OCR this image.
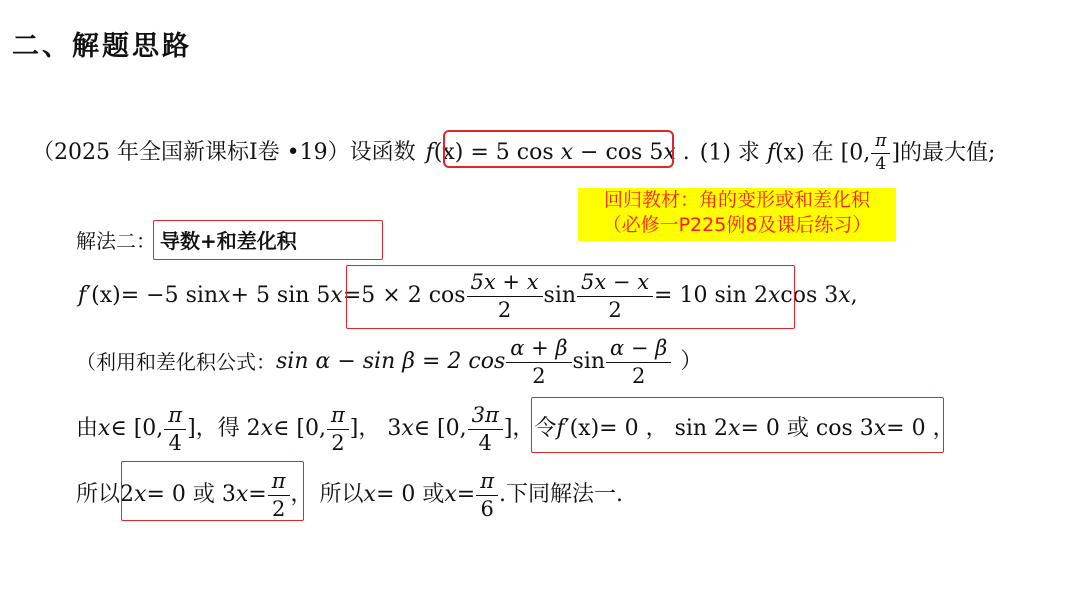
二、解题思路
（2025 年全国新课标Ⅰ卷 •19）设函数 f(x) = 5 cos x − cos 5x . (1) 求 f(x) 在 [0, $\frac{\pi}{4}$ ]的最大值;
回归教材：角的变形或和差化积
（必修一P225例8及课后练习）
解法二： 导数+和差化积
f ′ (x) = −5 sin x + 5 sin 5 x = 5 × 2 $\cos \frac{5x + x}{2}$ $\sin \frac{5x - x}{2} = 10$ sin 2 x cos 3 x ,
（利用和差化积公式： sin α − sin β = 2 $\cos \frac{\alpha + \beta}{2}$ $\sin \frac{\alpha - \beta}{2}$ ）
由 x ∈ [0, $\frac{\pi}{4}$ ]，得 2 x ∈ [0, $\frac{\pi}{2}$ ]， 3 x ∈ [0, $\frac{3\pi}{4}$ ]， 令 f ′ (x) = 0 ， sin 2 x = 0 或 cos 3 x = 0 ，
所以 2 x = 0 或 3 $x = \frac{\pi}{2}$ ， 所以 x = 0 或 $x = \frac{\pi}{6}$ .下同解法一.
